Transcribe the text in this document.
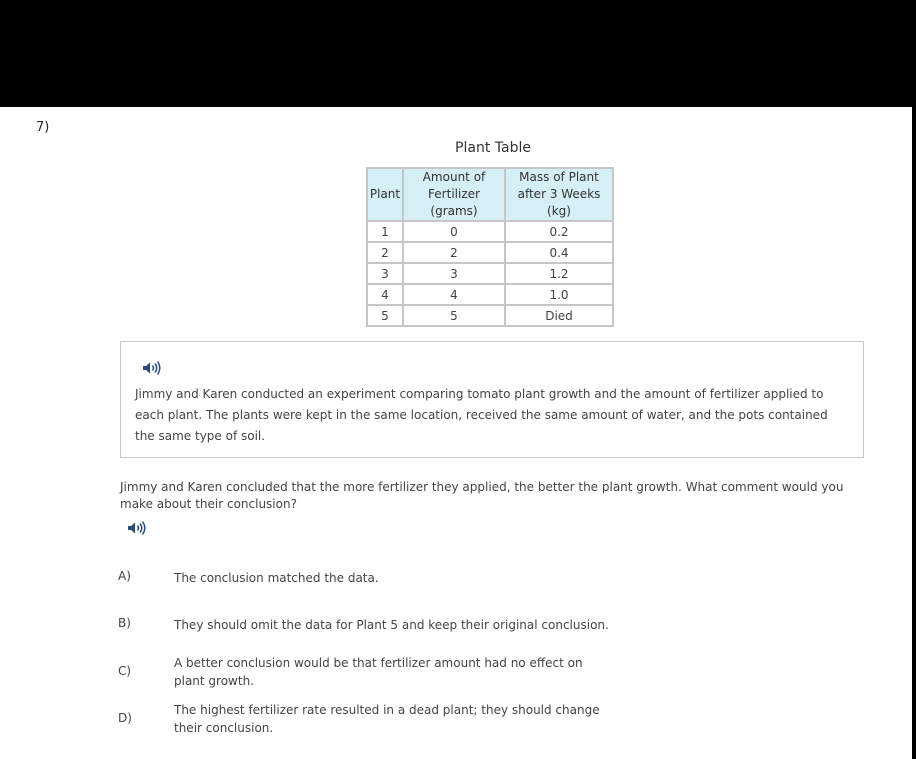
7)
Plant Table
Plant	Amount of Fertilizer (grams)	Mass of Plant after 3 Weeks (kg)
1	0	0.2
2	2	0.4
3	3	1.2
4	4	1.0
5	5	Died
Jimmy and Karen conducted an experiment comparing tomato plant growth and the amount of fertilizer applied to each plant. The plants were kept in the same location, received the same amount of water, and the pots contained the same type of soil.
Jimmy and Karen concluded that the more fertilizer they applied, the better the plant growth. What comment would you make about their conclusion?
A)	The conclusion matched the data.
B)	They should omit the data for Plant 5 and keep their original conclusion.
C)
A better conclusion would be that fertilizer amount had no effect on plant growth.
D)
The highest fertilizer rate resulted in a dead plant; they should change their conclusion.
